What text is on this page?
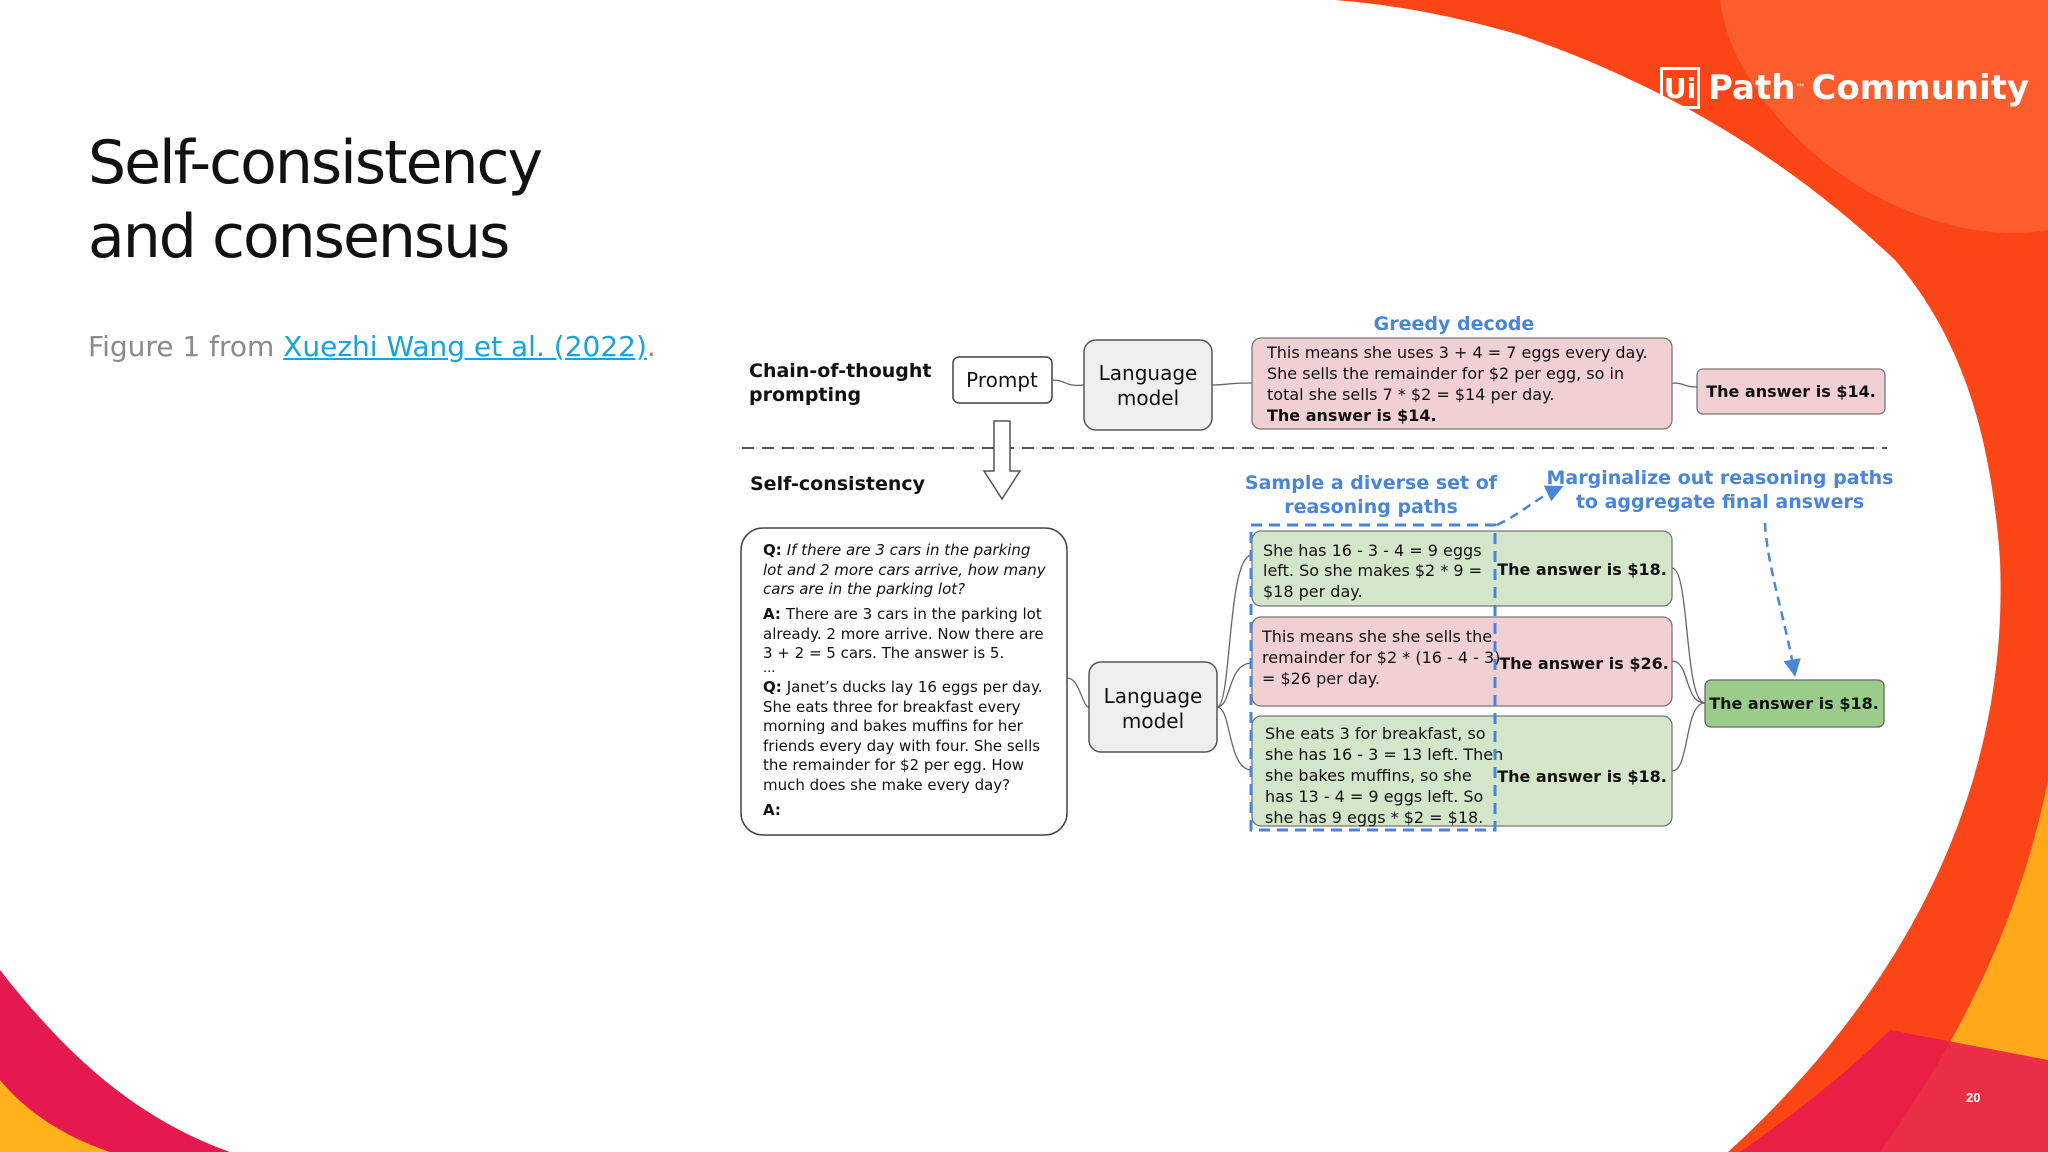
Ui Path ™ Community
Self-consistency
and consensus
Figure 1 from Xuezhi Wang et al. (2022).
20
Chain-of-thought
prompting
Prompt	Language
model
Greedy decode
This means she uses 3 + 4 = 7 eggs every day.
She sells the remainder for $2 per egg, so in
total she sells 7 * $2 = $14 per day.
The answer is $14.
The answer is $14.
Self-consistency	Sample a diverse set of
reasoning paths
Marginalize out reasoning paths
to aggregate final answers
Q: If there are 3 cars in the parking
lot and 2 more cars arrive, how many
cars are in the parking lot?
A: There are 3 cars in the parking lot
already. 2 more arrive. Now there are
3 + 2 = 5 cars. The answer is 5.
...
Q: Janet’s ducks lay 16 eggs per day.
She eats three for breakfast every
morning and bakes muffins for her
friends every day with four. She sells
the remainder for $2 per egg. How
much does she make every day?
A:
Language
model
She has 16 - 3 - 4 = 9 eggs
left. So she makes $2 * 9 =
$18 per day.
The answer is $18.
This means she she sells the
remainder for $2 * (16 - 4 - 3)
= $26 per day.
The answer is $26.
She eats 3 for breakfast, so
she has 16 - 3 = 13 left. Then
she bakes muffins, so she
has 13 - 4 = 9 eggs left. So
she has 9 eggs * $2 = $18.
The answer is $18.
The answer is $18.
